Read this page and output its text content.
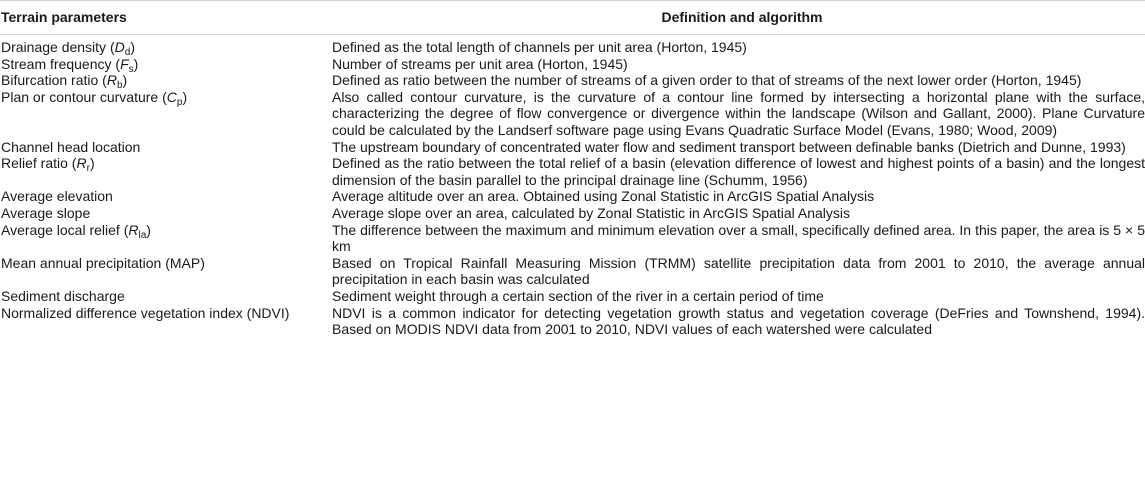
Terrain parameters	Definition and algorithm
Drainage density $(D_d)$	Defined as the total length of channels per unit area (Horton, 1945)
Stream frequency $(F_s)$	Number of streams per unit area (Horton, 1945)
Bifurcation ratio $(R_b)$	Defined as ratio between the number of streams of a given order to that of streams of the next lower order (Horton, 1945)
Plan or contour curvature $(C_p)$	Also called contour curvature, is the curvature of a contour line formed by intersecting a horizontal plane with the surface, characterizing the degree of flow convergence or divergence within the landscape (Wilson and Gallant, 2000). Plane Curvature could be calculated by the Landserf software page using Evans Quadratic Surface Model (Evans, 1980; Wood, 2009)
Channel head location	The upstream boundary of concentrated water flow and sediment transport between definable banks (Dietrich and Dunne, 1993)
Relief ratio $(R_r)$	Defined as the ratio between the total relief of a basin (elevation difference of lowest and highest points of a basin) and the longest dimension of the basin parallel to the principal drainage line (Schumm, 1956)
Average elevation	Average altitude over an area. Obtained using Zonal Statistic in ArcGIS Spatial Analysis
Average slope	Average slope over an area, calculated by Zonal Statistic in ArcGIS Spatial Analysis
Average local relief $(R_{la})$	The difference between the maximum and minimum elevation over a small, specifically defined area. In this paper, the area is 5 × 5 km
Mean annual precipitation (MAP)	Based on Tropical Rainfall Measuring Mission (TRMM) satellite precipitation data from 2001 to 2010, the average annual precipitation in each basin was calculated
Sediment discharge	Sediment weight through a certain section of the river in a certain period of time
Normalized difference vegetation index (NDVI)	NDVI is a common indicator for detecting vegetation growth status and vegetation coverage (DeFries and Townshend, 1994). Based on MODIS NDVI data from 2001 to 2010, NDVI values of each watershed were calculated
